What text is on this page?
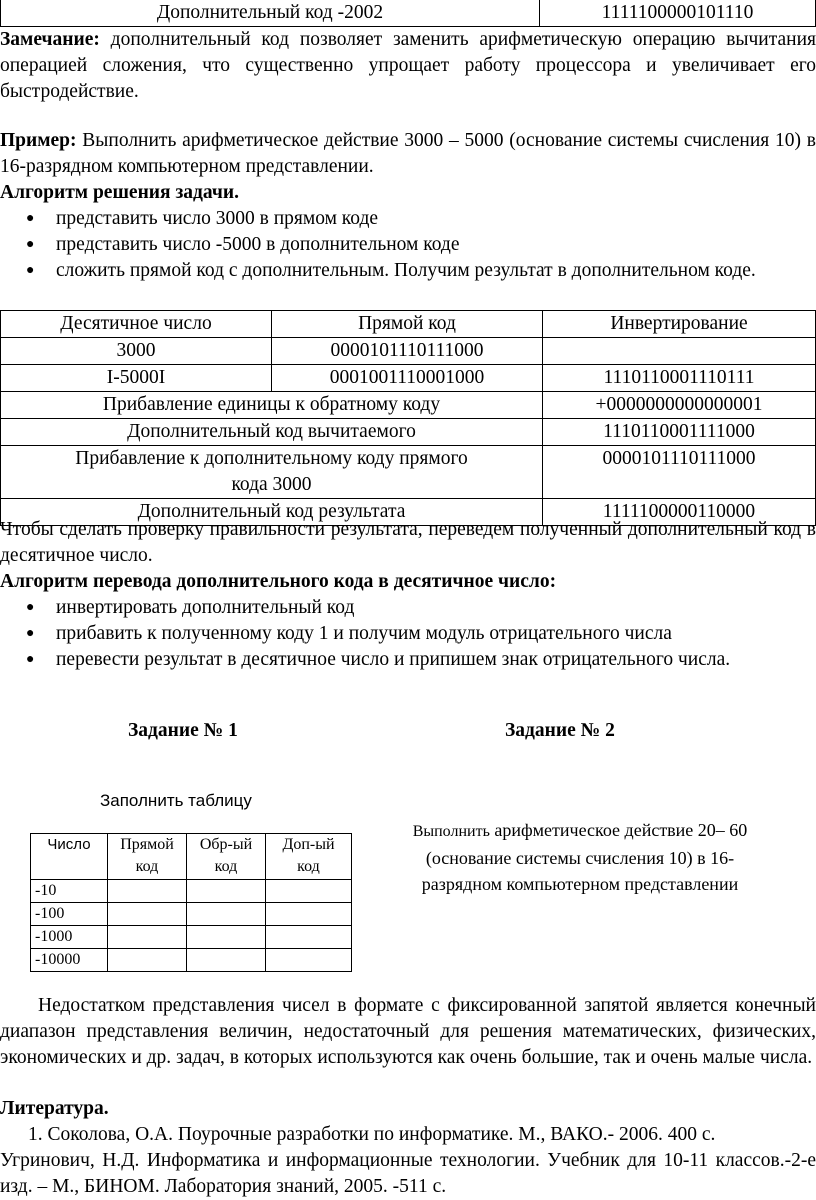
Дополнительный код -2002	1111100000101110
Замечание: дополнительный код позволяет заменить арифметическую операцию вычитания операцией сложения, что существенно упрощает работу процессора и увеличивает его быстродействие.
Пример: Выполнить арифметическое действие 3000 – 5000 (основание системы счисления 10) в 16-разрядном компьютерном представлении.
Алгоритм решения задачи.
● представить число 3000 в прямом коде
● представить число -5000 в дополнительном коде
● сложить прямой код с дополнительным. Получим результат в дополнительном коде.
Десятичное число	Прямой код	Инвертирование
3000	0000101110111000	
I-5000I	0001001110001000	1110110001110111
Прибавление единицы к обратному коду		+0000000000000001
Дополнительный код вычитаемого		1110110001111000
Прибавление к дополнительному коду прямого кода 3000		0000101110111000
Дополнительный код результата		1111100000110000
Чтобы сделать проверку правильности результата, переведем полученный дополнительный код в десятичное число.
Алгоритм перевода дополнительного кода в десятичное число:
● инвертировать дополнительный код
● прибавить к полученному коду 1 и получим модуль отрицательного числа
● перевести результат в десятичное число и припишем знак отрицательного числа.
Задание № 1
Заполнить таблицу
Число	Прямой код	Обр-ый код	Доп-ый код
-10			
-100			
-1000			
-10000			
Задание № 2
Выполнить арифметическое действие 20– 60 (основание системы счисления 10) в 16-разрядном компьютерном представлении
Недостатком представления чисел в формате с фиксированной запятой является конечный диапазон представления величин, недостаточный для решения математических, физических, экономических и др. задач, в которых используются как очень большие, так и очень малые числа.
Литература.
1. Соколова, О.А. Поурочные разработки по информатике. М., ВАКО.- 2006. 400 с.
Угринович, Н.Д. Информатика и информационные технологии. Учебник для 10-11 классов.-2-е изд. – М., БИНОМ. Лаборатория знаний, 2005. -511 с.
